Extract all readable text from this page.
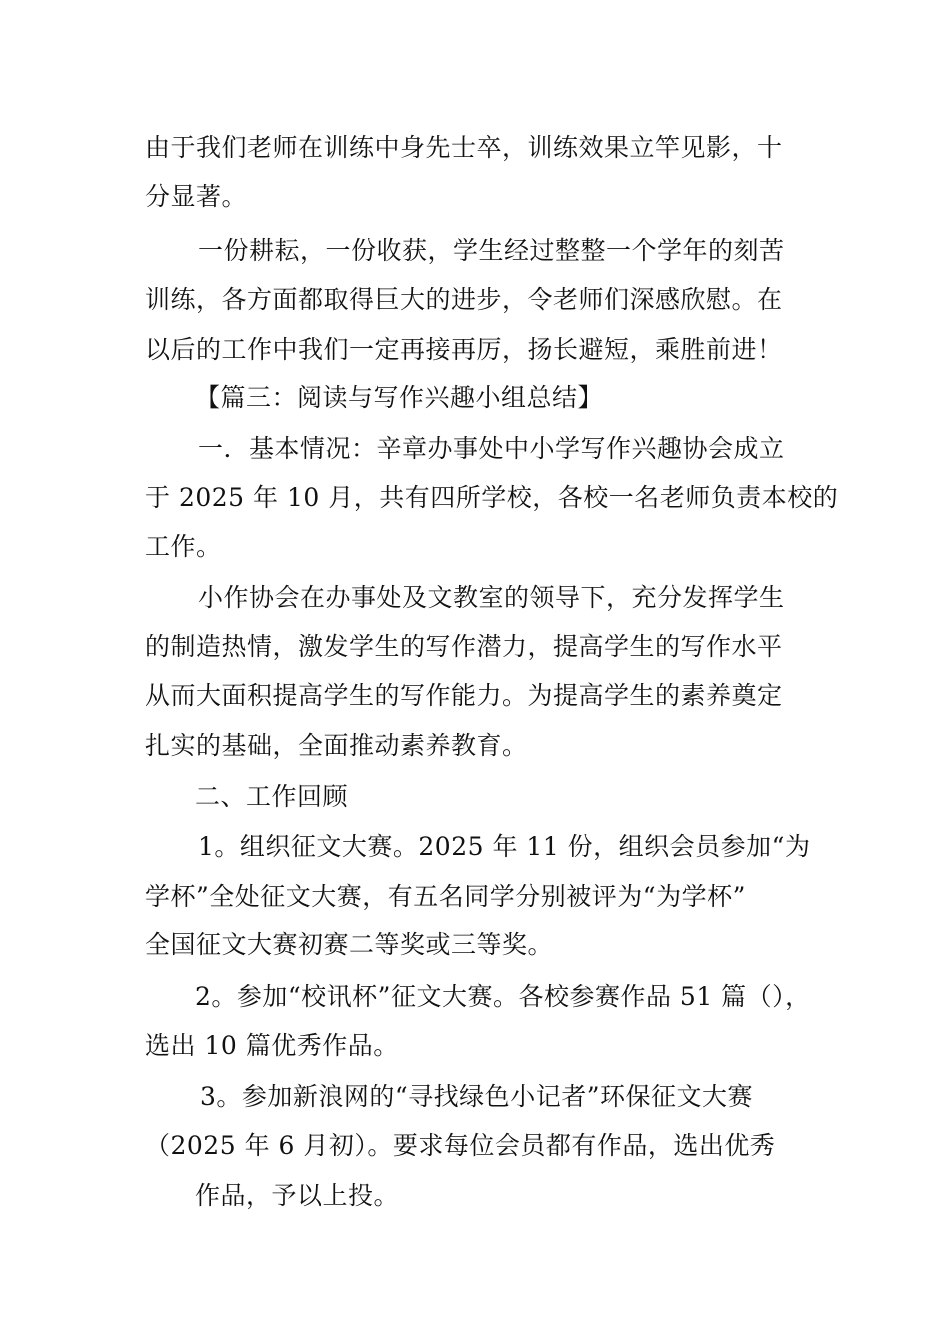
由于我们老师在训练中身先士卒，训练效果立竿见影，十
分显著。
一份耕耘，一份收获，学生经过整整一个学年的刻苦
训练，各方面都取得巨大的进步，令老师们深感欣慰。在
以后的工作中我们一定再接再厉，扬长避短，乘胜前进！
【篇三：阅读与写作兴趣小组总结】
一．基本情况：辛章办事处中小学写作兴趣协会成立
于 2025 年 10 月，共有四所学校，各校一名老师负责本校的
工作。
小作协会在办事处及文教室的领导下，充分发挥学生
的制造热情，激发学生的写作潜力，提高学生的写作水平
从而大面积提高学生的写作能力。为提高学生的素养奠定
扎实的基础，全面推动素养教育。
二、工作回顾
1。组织征文大赛。2025 年 11 份，组织会员参加“为
学杯”全处征文大赛，有五名同学分别被评为“为学杯”
全国征文大赛初赛二等奖或三等奖。
2。参加“校讯杯”征文大赛。各校参赛作品 51 篇（），
选出 10 篇优秀作品。
3。参加新浪网的“寻找绿色小记者”环保征文大赛
（2025 年 6 月初）。要求每位会员都有作品，选出优秀
作品，予以上投。
